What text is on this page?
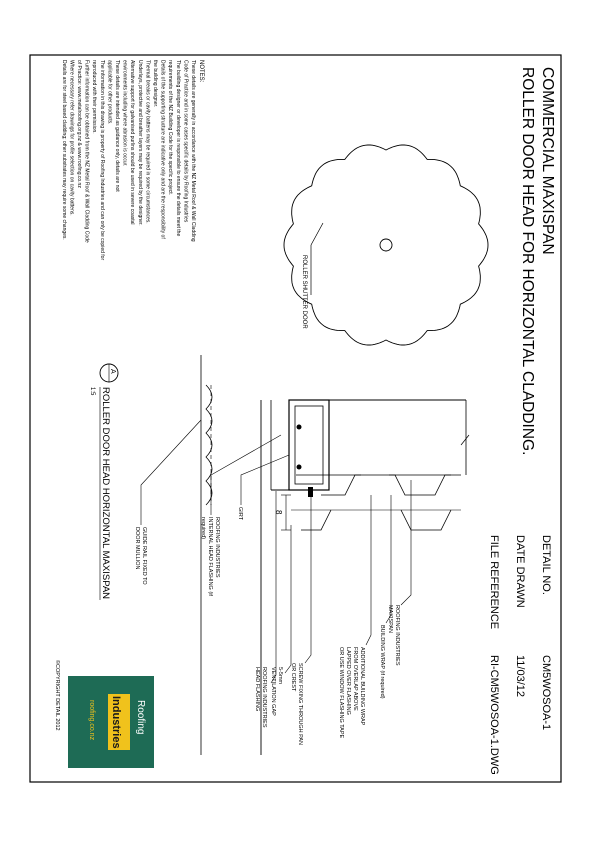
COMMERCIAL MAXISPAN
ROLLER DOOR HEAD FOR HORIZONTAL CLADDING.
DETAIL NO.
CM5WOSOA-1
DATE DRAWN
11/03/12
FILE REFERENCE
RI-CM5WOSOA-1.DWG
ROLLER SHUTTER DOOR
8
ROOFING INDUSTRIES
MAXISPAN
BUILDING WRAP (if required)
ADDITIONAL BUILDING WRAP
FROM OVERLAP ABOVE
LAPPED OVER FLASHING
OR USE WINDOW FLASHING TAPE
SCREW FIXING THROUGH PAN
OR CREST
5-5mm
VENTILATION GAP
ROOFING INDUSTRIES
HEAD FLASHING
GIRT
ROOFING INDUSTRIES
INTERNAL HEAD FLASHING (if
required)
GUIDE RAIL FIXED TO
DOOR MULLION
A
1:5 ROLLER DOOR HEAD HORIZONTAL MAXISPAN
©COPYRIGHT DETAIL 2012
NOTES:
These details are generally in accordance with the NZ Metal Roof & Wall Cladding
Code of Practice and in some cases specific details by Roofing Industries
The building designer or developer is responsible to ensure the details meet the
requirements of the NZ Building Code for the specific project.
Details of the supporting structure are indicative only and are the responsibility of
the building designer.
Thermal breaks or cavity battens may be required in some circumstances.
Underlays, protective and breather layers may be required by the designer.
Alternative support for galvanised purlins should be used in severe coastal
environments including where abrasion is occur.
These details are intended as guidance only, details are not
applicable for other products.
The information in this drawing is property of Roofing Industries and can only be copied for
reproduced with their permission.
Further information can be obtained from the NZ Metal Roof & Wall Cladding Code
of Practice: www.metalroofing.org.nz & www.roofing.co.nz
Where necessary refer drawings for profile selection on cavity battens.
Details are for steel based cladding; other substrates may require some changes.
Industries Roofing
roofing.co.nz
